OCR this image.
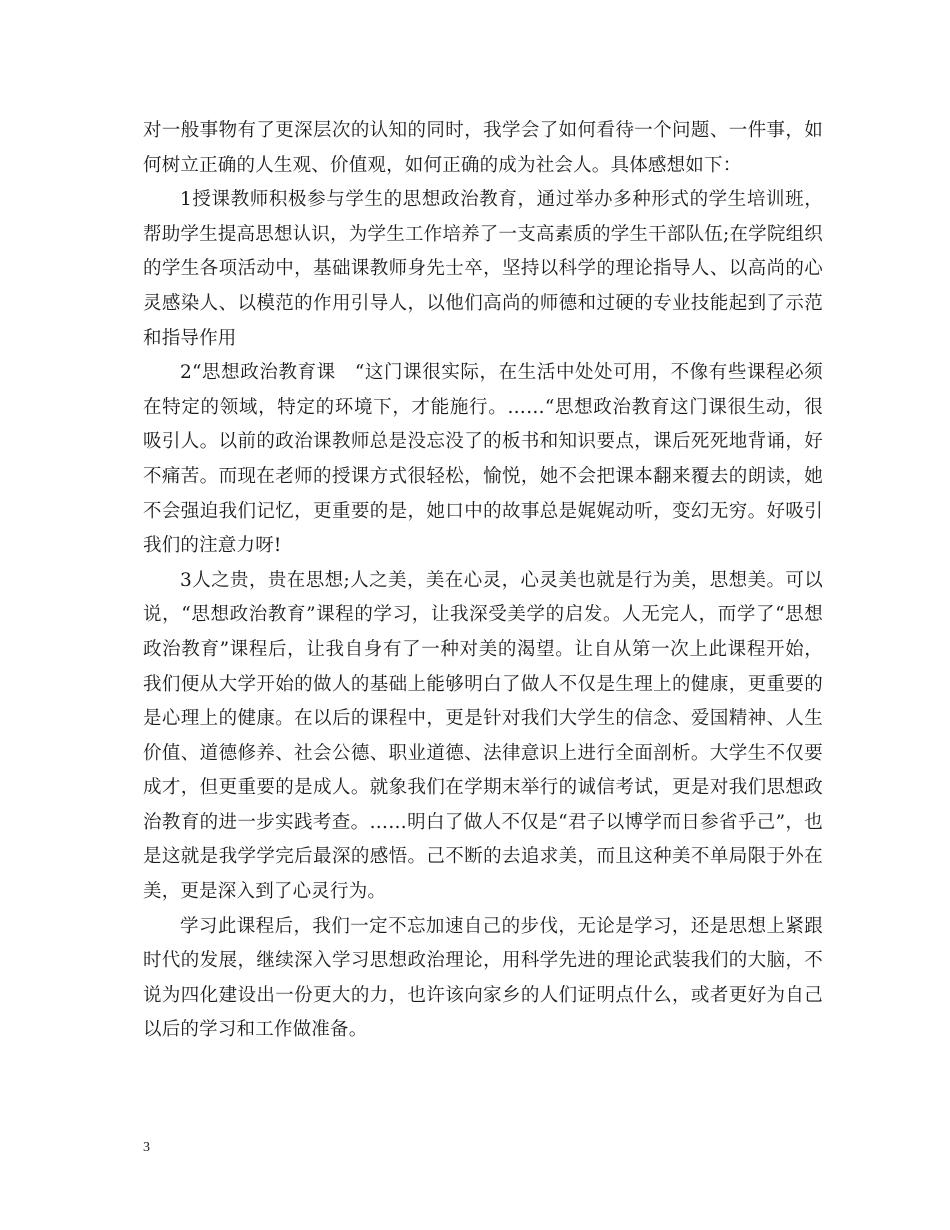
对一般事物有了更深层次的认知的同时，我学会了如何看待一个问题、一件事，如何树立正确的人生观、价值观，如何正确的成为社会人。具体感想如下：

1授课教师积极参与学生的思想政治教育，通过举办多种形式的学生培训班，帮助学生提高思想认识，为学生工作培养了一支高素质的学生干部队伍;在学院组织的学生各项活动中，基础课教师身先士卒，坚持以科学的理论指导人、以高尚的心灵感染人、以模范的作用引导人，以他们高尚的师德和过硬的专业技能起到了示范和指导作用

2“思想政治教育课　“这门课很实际，在生活中处处可用，不像有些课程必须在特定的领域，特定的环境下，才能施行。……“思想政治教育这门课很生动，很吸引人。以前的政治课教师总是没忘没了的板书和知识要点，课后死死地背诵，好不痛苦。而现在老师的授课方式很轻松，愉悦，她不会把课本翻来覆去的朗读，她不会强迫我们记忆，更重要的是，她口中的故事总是娓娓动听，变幻无穷。好吸引我们的注意力呀!

3人之贵，贵在思想;人之美，美在心灵，心灵美也就是行为美，思想美。可以说，“思想政治教育”课程的学习，让我深受美学的启发。人无完人，而学了“思想政治教育”课程后，让我自身有了一种对美的渴望。让自从第一次上此课程开始，我们便从大学开始的做人的基础上能够明白了做人不仅是生理上的健康，更重要的是心理上的健康。在以后的课程中，更是针对我们大学生的信念、爱国精神、人生价值、道德修养、社会公德、职业道德、法律意识上进行全面剖析。大学生不仅要成才，但更重要的是成人。就象我们在学期末举行的诚信考试，更是对我们思想政治教育的进一步实践考查。……明白了做人不仅是“君子以博学而日参省乎己”，也是这就是我学学完后最深的感悟。己不断的去追求美，而且这种美不单局限于外在美，更是深入到了心灵行为。

学习此课程后，我们一定不忘加速自己的步伐，无论是学习，还是思想上紧跟时代的发展，继续深入学习思想政治理论，用科学先进的理论武装我们的大脑，不说为四化建设出一份更大的力，也许该向家乡的人们证明点什么，或者更好为自己以后的学习和工作做准备。

3
